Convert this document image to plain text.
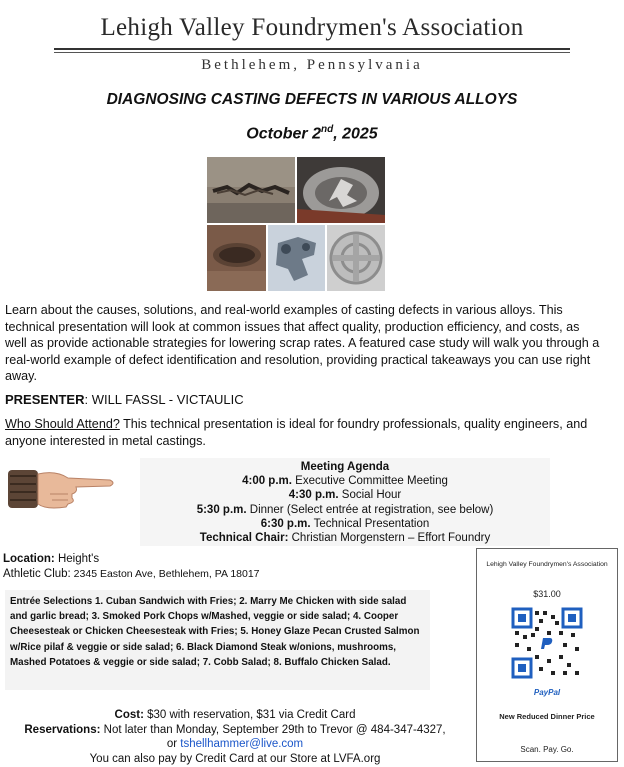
Lehigh Valley Foundrymen's Association
Bethlehem, Pennsylvania
DIAGNOSING CASTING DEFECTS IN VARIOUS ALLOYS
October 2nd, 2025
Learn about the causes, solutions, and real-world examples of casting defects in various alloys. This technical presentation will look at common issues that affect quality, production efficiency, and costs, as well as provide actionable strategies for lowering scrap rates. A featured case study will walk you through a real-world example of defect identification and resolution, providing practical takeaways you can use right away.
PRESENTER: WILL FASSL - VICTAULIC
Who Should Attend? This technical presentation is ideal for foundry professionals, quality engineers, and anyone interested in metal castings.
Meeting Agenda
4:00 p.m. Executive Committee Meeting
4:30 p.m. Social Hour
5:30 p.m. Dinner (Select entrée at registration, see below)
6:30 p.m. Technical Presentation
Technical Chair: Christian Morgenstern – Effort Foundry
Location: Height's
Athletic Club: 2345 Easton Ave, Bethlehem, PA 18017
Entrée Selections 1. Cuban Sandwich with Fries; 2. Marry Me Chicken with side salad and garlic bread; 3. Smoked Pork Chops w/Mashed, veggie or side salad; 4. Cooper Cheesesteak or Chicken Cheesesteak with Fries; 5. Honey Glaze Pecan Crusted Salmon w/Rice pilaf & veggie or side salad; 6. Black Diamond Steak w/onions, mushrooms, Mashed Potatoes & veggie or side salad; 7. Cobb Salad; 8. Buffalo Chicken Salad.
Cost: $30 with reservation, $31 via Credit Card
Reservations: Not later than Monday, September 29th to Trevor @ 484-347-4327,
or tshellhammer@live.com
You can also pay by Credit Card at our Store at LVFA.org
Lehigh Valley Foundrymen's Association
$31.00
PayPal
New Reduced Dinner Price
Scan. Pay. Go.
